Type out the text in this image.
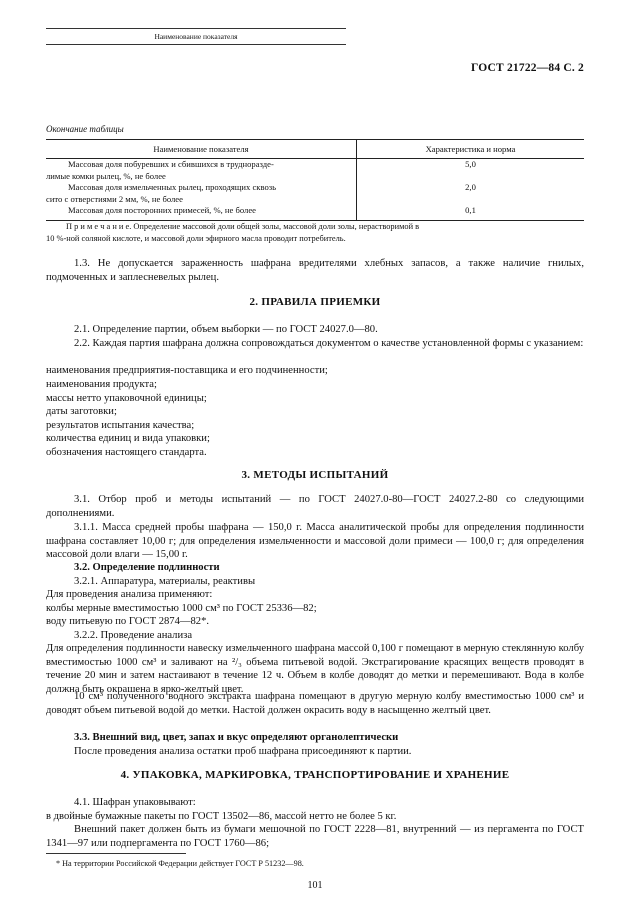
Наименование показателя
ГОСТ 21722—84 С. 2
Окончание таблицы
Наименование показателя	Характеристика и норма

Массовая доля побуревших и сбившихся в трудноразде-
лимые комки рылец, %, не более	5,0

Массовая доля измельченных рылец, проходящих сквозь
сито с отверстиями 2 мм, %, не более	2,0

Массовая доля посторонних примесей, %, не более	0,1
П р и м е ч а н и е. Определение массовой доли общей золы, массовой доли золы, нерастворимой в
10 %-ной соляной кислоте, и массовой доли эфирного масла проводит потребитель.
1.3. Не допускается зараженность шафрана вредителями хлебных запасов, а также наличие гнилых, подмоченных и заплесневелых рылец.
2. ПРАВИЛА ПРИЕМКИ
2.1. Определение партии, объем выборки — по ГОСТ 24027.0—80.
2.2. Каждая партия шафрана должна сопровождаться документом о качестве установленной формы с указанием:
наименования предприятия-поставщика и его подчиненности;
наименования продукта;
массы нетто упаковочной единицы;
даты заготовки;
результатов испытания качества;
количества единиц и вида упаковки;
обозначения настоящего стандарта.
3. МЕТОДЫ ИСПЫТАНИЙ
3.1. Отбор проб и методы испытаний — по ГОСТ 24027.0-80—ГОСТ 24027.2-80 со следующими дополнениями.
3.1.1. Масса средней пробы шафрана — 150,0 г. Масса аналитической пробы для определения подлинности шафрана составляет 10,00 г; для определения измельченности и массовой доли примеси — 100,0 г; для определения массовой доли влаги — 15,00 г.
3.2. Определение подлинности
3.2.1. Аппаратура, материалы, реактивы
Для проведения анализа применяют:
колбы мерные вместимостью 1000 см³ по ГОСТ 25336—82;
воду питьевую по ГОСТ 2874—82*.
3.2.2. Проведение анализа
Для определения подлинности навеску измельченного шафрана массой 0,100 г помещают в мерную стеклянную колбу вместимостью 1000 см³ и заливают на ²/₃ объема питьевой водой. Экстрагирование красящих веществ проводят в течение 20 мин и затем настаивают в течение 12 ч. Объем в колбе доводят до метки и перемешивают. Вода в колбе должна быть окрашена в ярко-желтый цвет.
10 см³ полученного водного экстракта шафрана помещают в другую мерную колбу вместимостью 1000 см³ и доводят объем питьевой водой до метки. Настой должен окрасить воду в насыщенно желтый цвет.
3.3. Внешний вид, цвет, запах и вкус определяют органолептически
После проведения анализа остатки проб шафрана присоединяют к партии.
4. УПАКОВКА, МАРКИРОВКА, ТРАНСПОРТИРОВАНИЕ И ХРАНЕНИЕ
4.1. Шафран упаковывают:
в двойные бумажные пакеты по ГОСТ 13502—86, массой нетто не более 5 кг.
Внешний пакет должен быть из бумаги мешочной по ГОСТ 2228—81, внутренний — из пергамента по ГОСТ 1341—97 или подпергамента по ГОСТ 1760—86;
* На территории Российской Федерации действует ГОСТ Р 51232—98.
101
